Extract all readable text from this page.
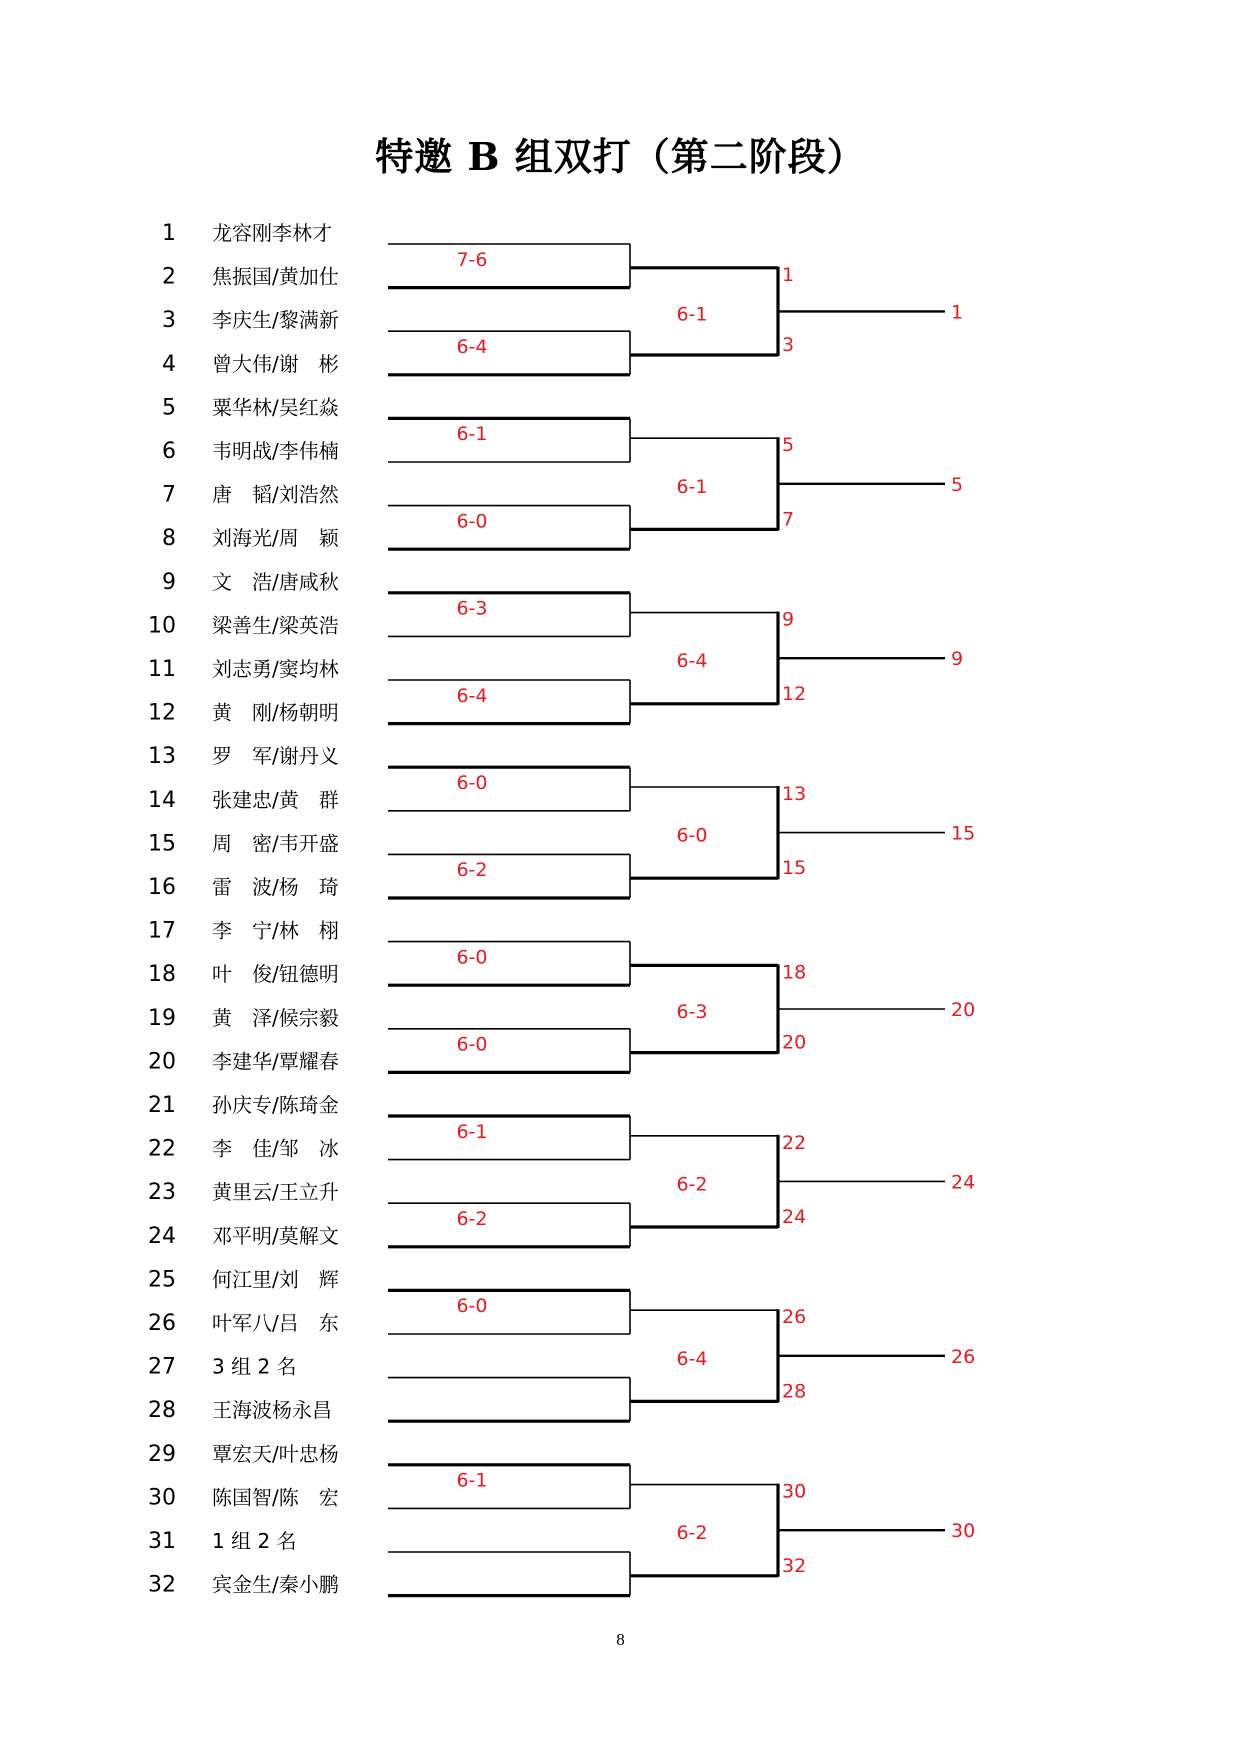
特邀 B 组双打（第二阶段）
1 龙容刚李林才
2 焦振国/黄加仕
3 李庆生/黎满新
4 曾大伟/谢　彬
5 粟华林/吴红焱
6 韦明战/李伟楠
7 唐　韬/刘浩然
8 刘海光/周　颖
9 文　浩/唐咸秋
10 梁善生/梁英浩
11 刘志勇/窦均林
12 黄　刚/杨朝明
13 罗　军/谢丹义
14 张建忠/黄　群
15 周　密/韦开盛
16 雷　波/杨　琦
17 李　宁/林　栩
18 叶　俊/钮德明
19 黄　泽/候宗毅
20 李建华/覃耀春
21 孙庆专/陈琦金
22 李　佳/邹　冰
23 黄里云/王立升
24 邓平明/莫解文
25 何江里/刘　辉
26 叶军八/吕　东
27 3 组 2 名
28 王海波杨永昌
29 覃宏天/叶忠杨
30 陈国智/陈　宏
31 1 组 2 名
32 宾金生/秦小鹏
7-6
6-4
6-1
6-0
6-3
6-4
6-0
6-2
6-0
6-0
6-1
6-2
6-0
6-1
1
3
6-1	1
5
7
6-1	5
9
12
6-4	9
13
15
6-0	15
18
20
6-3	20
22
24
6-2	24
26
28
6-4	26
30
32
6-2	30
8
